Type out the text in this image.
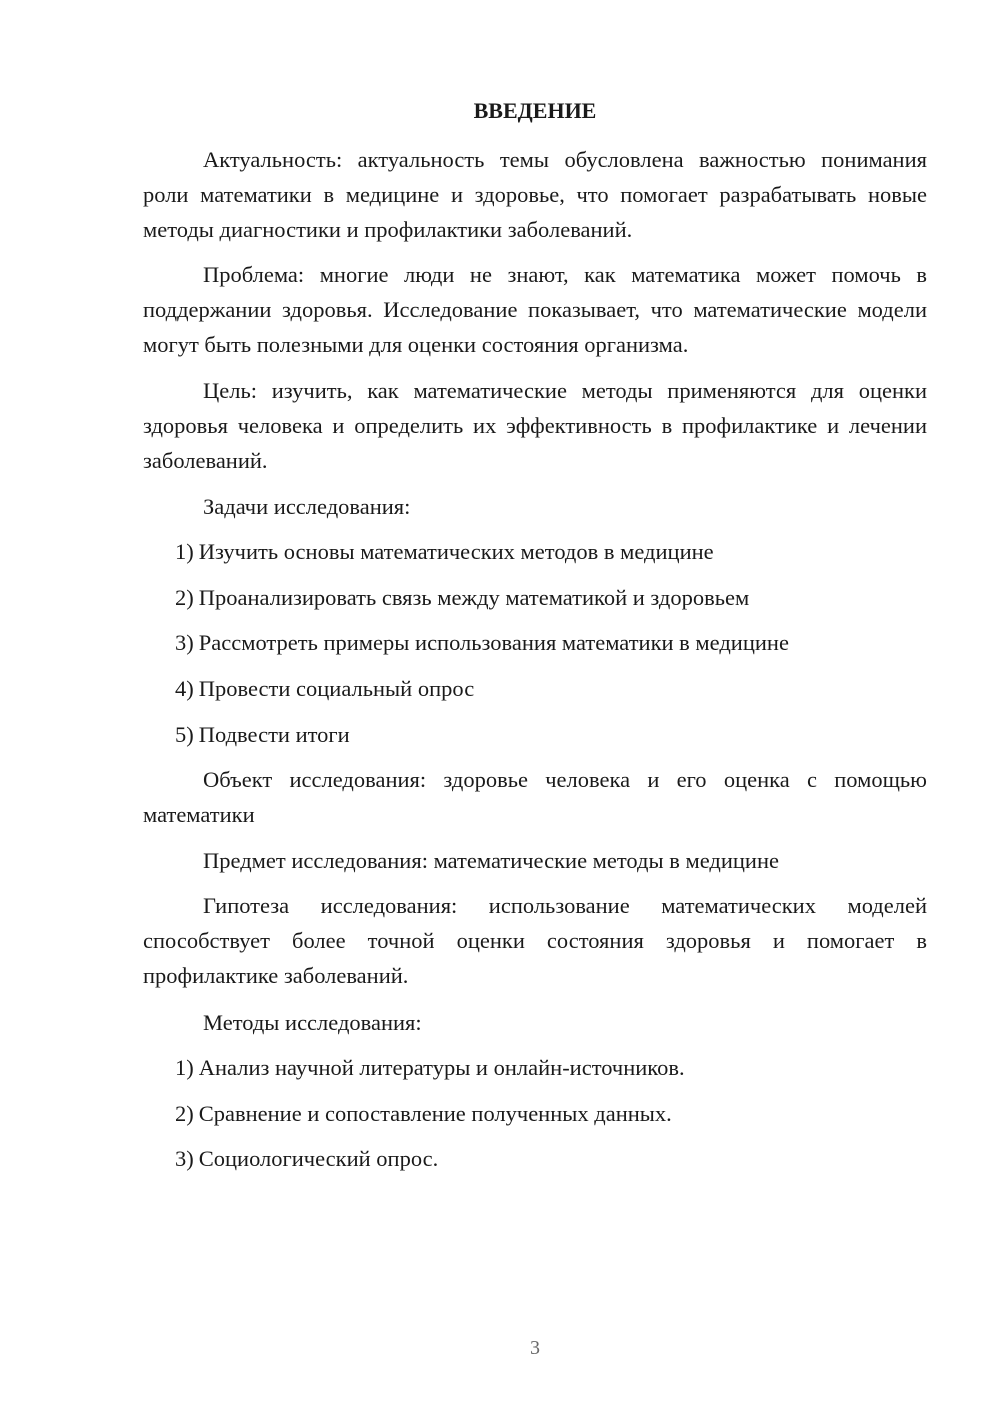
ВВЕДЕНИЕ

Актуальность: актуальность темы обусловлена важностью понимания роли математики в медицине и здоровье, что помогает разрабатывать новые методы диагностики и профилактики заболеваний.

Проблема: многие люди не знают, как математика может помочь в поддержании здоровья. Исследование показывает, что математические модели могут быть полезными для оценки состояния организма.

Цель: изучить, как математические методы применяются для оценки здоровья человека и определить их эффективность в профилактике и лечении заболеваний.

Задачи исследования:

1) Изучить основы математических методов в медицине

2) Проанализировать связь между математикой и здоровьем

3) Рассмотреть примеры использования математики в медицине

4) Провести социальный опрос

5) Подвести итоги

Объект исследования: здоровье человека и его оценка с помощью математики

Предмет исследования: математические методы в медицине

Гипотеза исследования: использование математических моделей способствует более точной оценки состояния здоровья и помогает в профилактике заболеваний.

Методы исследования:

1) Анализ научной литературы и онлайн-источников.

2) Сравнение и сопоставление полученных данных.

3) Социологический опрос.

3
